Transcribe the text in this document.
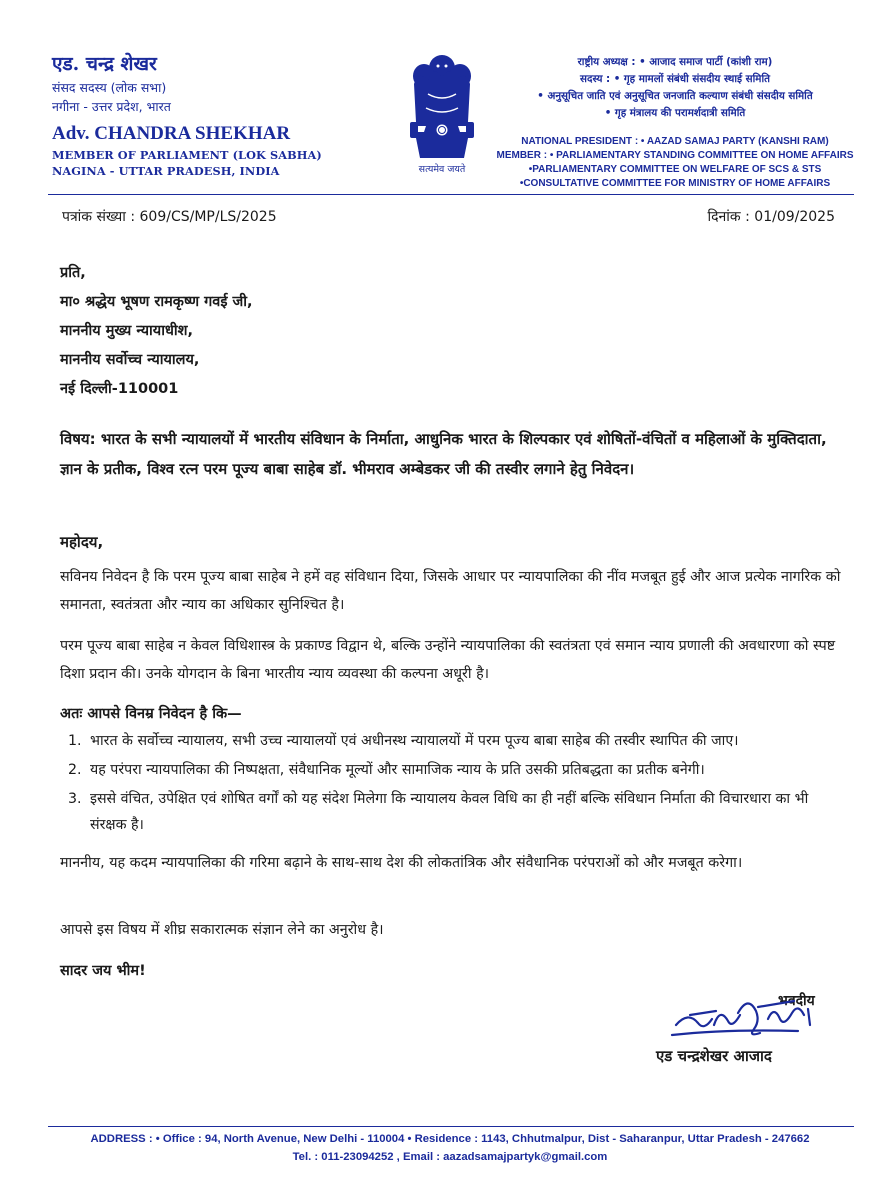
एड. चन्द्र शेखर
संसद सदस्य (लोक सभा)
नगीना - उत्तर प्रदेश, भारत
Adv. CHANDRA SHEKHAR
MEMBER OF PARLIAMENT (LOK SABHA)
NAGINA - UTTAR PRADESH, INDIA	सत्यमेव जयते
राष्ट्रीय अध्यक्ष : • आजाद समाज पार्टी (कांशी राम)
सदस्य : • गृह मामलों संबंधी संसदीय स्थाई समिति
• अनुसूचित जाति एवं अनुसूचित जनजाति कल्याण संबंधी संसदीय समिति
• गृह मंत्रालय की परामर्शदात्री समिति
NATIONAL PRESIDENT : • AAZAD SAMAJ PARTY (KANSHI RAM)
MEMBER : • PARLIAMENTARY STANDING COMMITTEE ON HOME AFFAIRS
•PARLIAMENTARY COMMITTEE ON WELFARE OF SCS & STS
•CONSULTATIVE COMMITTEE FOR MINISTRY OF HOME AFFAIRS
पत्रांक संख्या : 609/CS/MP/LS/2025	दिनांक : 01/09/2025
प्रति,
मा० श्रद्धेय भूषण रामकृष्ण गवई जी,
माननीय मुख्य न्यायाधीश,
माननीय सर्वोच्च न्यायालय,
नई दिल्ली-110001

विषय: भारत के सभी न्यायालयों में भारतीय संविधान के निर्माता, आधुनिक भारत के शिल्पकार एवं शोषितों-वंचितों व महिलाओं के मुक्तिदाता, ज्ञान के प्रतीक, विश्व रत्न परम पूज्य बाबा साहेब डॉ. भीमराव अम्बेडकर जी की तस्वीर लगाने हेतु निवेदन।

महोदय,

सविनय निवेदन है कि परम पूज्य बाबा साहेब ने हमें वह संविधान दिया, जिसके आधार पर न्यायपालिका की नींव मजबूत हुई और आज प्रत्येक नागरिक को समानता, स्वतंत्रता और न्याय का अधिकार सुनिश्चित है।

परम पूज्य बाबा साहेब न केवल विधिशास्त्र के प्रकाण्ड विद्वान थे, बल्कि उन्होंने न्यायपालिका की स्वतंत्रता एवं समान न्याय प्रणाली की अवधारणा को स्पष्ट दिशा प्रदान की। उनके योगदान के बिना भारतीय न्याय व्यवस्था की कल्पना अधूरी है।

अतः आपसे विनम्र निवेदन है कि—

1. भारत के सर्वोच्च न्यायालय, सभी उच्च न्यायालयों एवं अधीनस्थ न्यायालयों में परम पूज्य बाबा साहेब की तस्वीर स्थापित की जाए।
2. यह परंपरा न्यायपालिका की निष्पक्षता, संवैधानिक मूल्यों और सामाजिक न्याय के प्रति उसकी प्रतिबद्धता का प्रतीक बनेगी।
3. इससे वंचित, उपेक्षित एवं शोषित वर्गों को यह संदेश मिलेगा कि न्यायालय केवल विधि का ही नहीं बल्कि संविधान निर्माता की विचारधारा का भी संरक्षक है।

माननीय, यह कदम न्यायपालिका की गरिमा बढ़ाने के साथ-साथ देश की लोकतांत्रिक और संवैधानिक परंपराओं को और मजबूत करेगा।

आपसे इस विषय में शीघ्र सकारात्मक संज्ञान लेने का अनुरोध है।

सादर जय भीम!

भवदीय
एड चन्द्रशेखर आजाद
ADDRESS : • Office : 94, North Avenue, New Delhi - 110004 • Residence : 1143, Chhutmalpur, Dist - Saharanpur, Uttar Pradesh - 247662
Tel. : 011-23094252 , Email : aazadsamajpartyk@gmail.com
